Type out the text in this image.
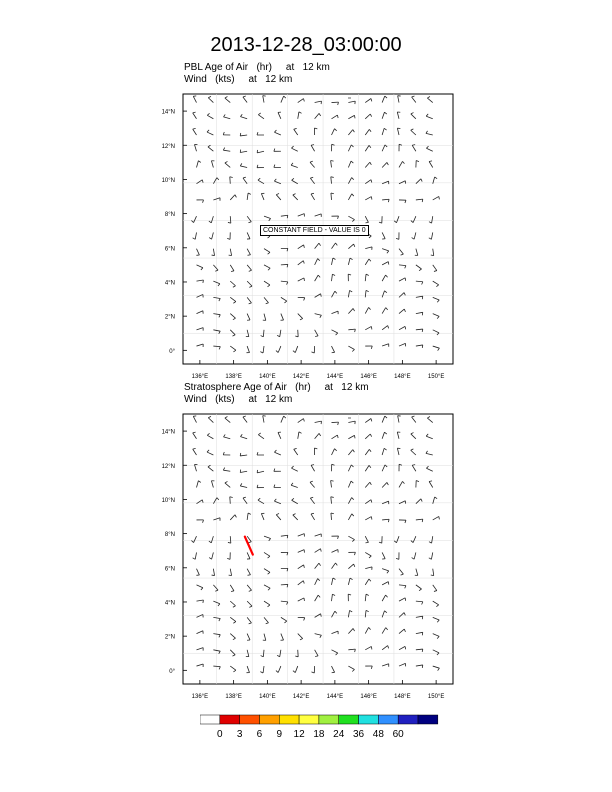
2013-12-28_03:00:00
PBL Age of Air   (hr)     at   12 km
Wind   (kts)     at   12 km
14°N
12°N
10°N
8°N
6°N
4°N
2°N
0°
136°E	138°E	140°E	142°E	144°E	146°E	148°E	150°E
CONSTANT FIELD - VALUE IS 0
Stratosphere Age of Air   (hr)     at   12 km
Wind   (kts)     at   12 km
14°N
12°N
10°N
8°N
6°N
4°N
2°N
0°
136°E	138°E	140°E	142°E	144°E	146°E	148°E	150°E
0 3 6 9 12 18 24 36 48 60
